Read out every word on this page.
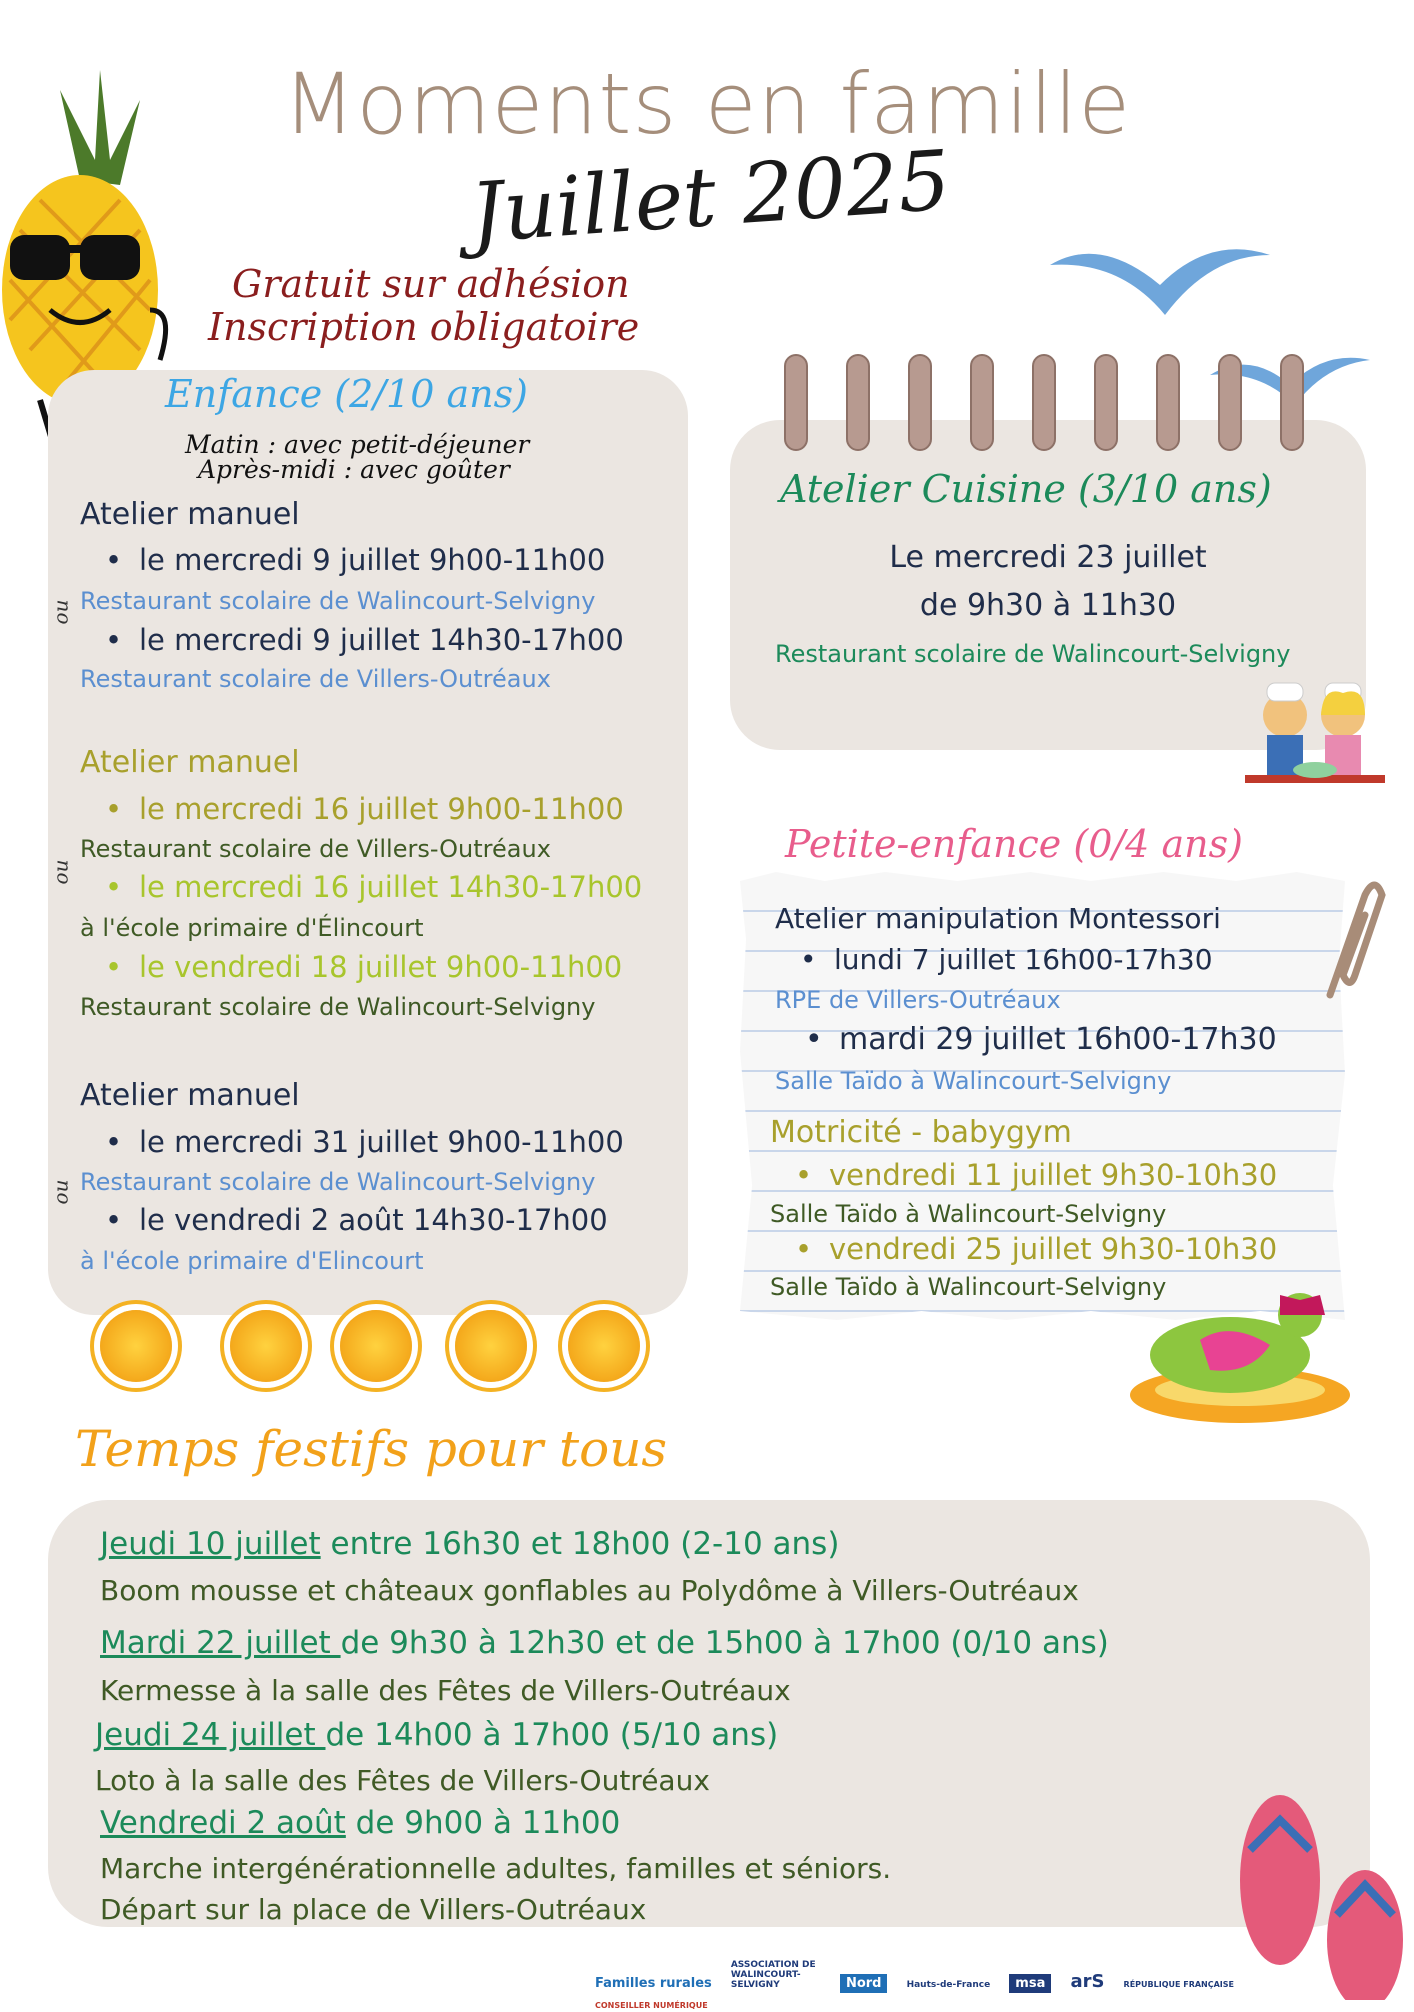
Moments en famille
Juillet 2025
Gratuit sur adhésion
Inscription obligatoire
Enfance (2/10 ans)
Matin : avec petit-déjeuner
Après-midi : avec goûter
Atelier manuel
• le mercredi 9 juillet 9h00-11h00
Restaurant scolaire de Walincourt-Selvigny
• le mercredi 9 juillet 14h30-17h00
Restaurant scolaire de Villers-Outréaux
ou
Atelier manuel
• le mercredi 16 juillet 9h00-11h00
Restaurant scolaire de Villers-Outréaux
• le mercredi 16 juillet 14h30-17h00
à l'école primaire d'Élincourt
• le vendredi 18 juillet 9h00-11h00
Restaurant scolaire de Walincourt-Selvigny
ou
Atelier manuel
• le mercredi 31 juillet 9h00-11h00
Restaurant scolaire de Walincourt-Selvigny
• le vendredi 2 août 14h30-17h00
à l'école primaire d'Elincourt
ou
Atelier Cuisine (3/10 ans)
Le mercredi 23 juillet
de 9h30 à 11h30
Restaurant scolaire de Walincourt-Selvigny
Petite-enfance (0/4 ans)
Atelier manipulation Montessori
• lundi 7 juillet 16h00-17h30
RPE de Villers-Outréaux
• mardi 29 juillet 16h00-17h30
Salle Taïdo à Walincourt-Selvigny
Motricité - babygym
• vendredi 11 juillet 9h30-10h30
Salle Taïdo à Walincourt-Selvigny
• vendredi 25 juillet 9h30-10h30
Salle Taïdo à Walincourt-Selvigny
Temps festifs pour tous
Jeudi 10 juillet entre 16h30 et 18h00 (2-10 ans)
Boom mousse et châteaux gonflables au Polydôme à Villers-Outréaux
Mardi 22 juillet de 9h30 à 12h30 et de 15h00 à 17h00 (0/10 ans)
Kermesse à la salle des Fêtes de Villers-Outréaux
Jeudi 24 juillet de 14h00 à 17h00 (5/10 ans)
Loto à la salle des Fêtes de Villers-Outréaux
Vendredi 2 août de 9h00 à 11h00
Marche intergénérationnelle adultes, familles et séniors.
Départ sur la place de Villers-Outréaux
Familles rurales ASSOCIATION DE WALINCOURT-SELVIGNY	Nord	Hauts-de-France msa arS RÉPUBLIQUE FRANÇAISE CONSEILLER NUMÉRIQUE
